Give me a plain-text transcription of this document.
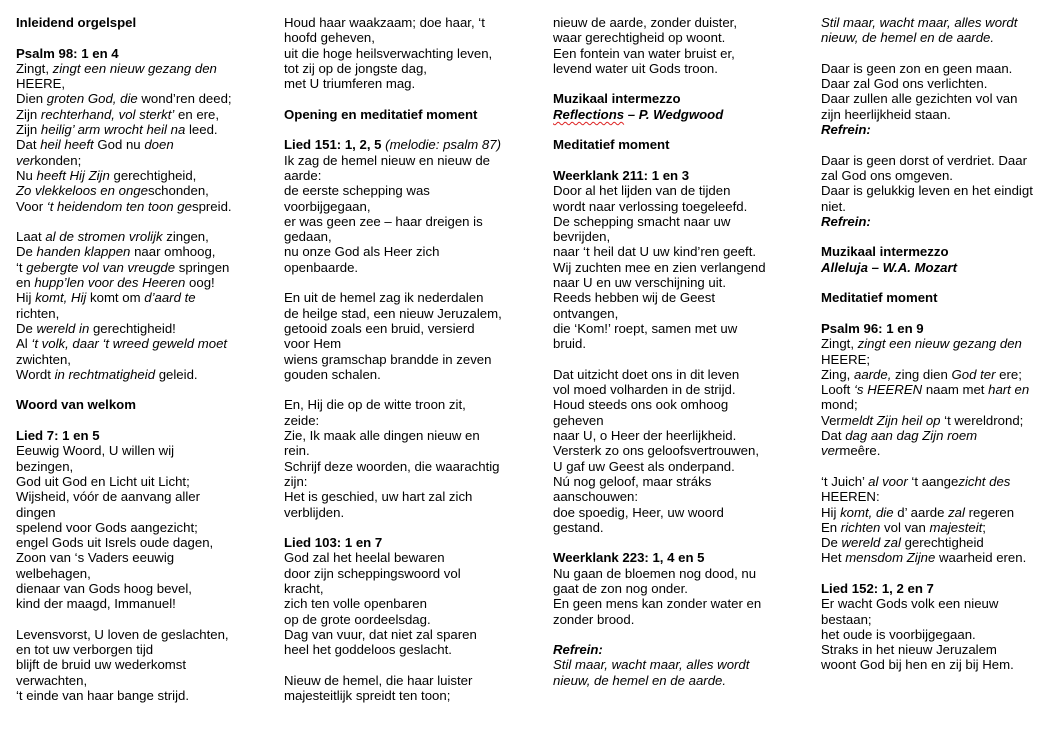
Inleidend orgelspel
Psalm 98: 1 en 4
Zingt, zingt een nieuw gezang den
HEERE,
Dien groten God, die wond’ren deed;
Zijn rechterhand, vol sterkt’ en ere,
Zijn heilig’ arm wrocht heil na leed.
Dat heil heeft God nu doen
verkonden;
Nu heeft Hij Zijn gerechtigheid,
Zo vlekkeloos en ongeschonden,
Voor ‘t heidendom ten toon gespreid.
Laat al de stromen vrolijk zingen,
De handen klappen naar omhoog,
‘t gebergte vol van vreugde springen
en hupp’len voor des Heeren oog!
Hij komt, Hij komt om d’aard te
richten,
De wereld in gerechtigheid!
Al ‘t volk, daar ‘t wreed geweld moet
zwichten,
Wordt in rechtmatigheid geleid.
Woord van welkom
Lied 7: 1 en 5
Eeuwig Woord, U willen wij
bezingen,
God uit God en Licht uit Licht;
Wijsheid, vóór de aanvang aller
dingen
spelend voor Gods aangezicht;
engel Gods uit Isrels oude dagen,
Zoon van ‘s Vaders eeuwig
welbehagen,
dienaar van Gods hoog bevel,
kind der maagd, Immanuel!
Levensvorst, U loven de geslachten,
en tot uw verborgen tijd
blijft de bruid uw wederkomst
verwachten,
‘t einde van haar bange strijd.
Houd haar waakzaam; doe haar, ‘t
hoofd geheven,
uit die hoge heilsverwachting leven,
tot zij op de jongste dag,
met U triumferen mag.
Opening en meditatief moment
Lied 151: 1, 2, 5 (melodie: psalm 87)
Ik zag de hemel nieuw en nieuw de
aarde:
de eerste schepping was
voorbijgegaan,
er was geen zee – haar dreigen is
gedaan,
nu onze God als Heer zich
openbaarde.
En uit de hemel zag ik nederdalen
de heilge stad, een nieuw Jeruzalem,
getooid zoals een bruid, versierd
voor Hem
wiens gramschap brandde in zeven
gouden schalen.
En, Hij die op de witte troon zit,
zeide:
Zie, Ik maak alle dingen nieuw en
rein.
Schrijf deze woorden, die waarachtig
zijn:
Het is geschied, uw hart zal zich
verblijden.
Lied 103: 1 en 7
God zal het heelal bewaren
door zijn scheppingswoord vol
kracht,
zich ten volle openbaren
op de grote oordeelsdag.
Dag van vuur, dat niet zal sparen
heel het goddeloos geslacht.
Nieuw de hemel, die haar luister
majesteitlijk spreidt ten toon;
nieuw de aarde, zonder duister,
waar gerechtigheid op woont.
Een fontein van water bruist er,
levend water uit Gods troon.
Muzikaal intermezzo
Reflections – P. Wedgwood
Meditatief moment
Weerklank 211: 1 en 3
Door al het lijden van de tijden
wordt naar verlossing toegeleefd.
De schepping smacht naar uw
bevrijden,
naar ‘t heil dat U uw kind’ren geeft.
Wij zuchten mee en zien verlangend
naar U en uw verschijning uit.
Reeds hebben wij de Geest
ontvangen,
die ‘Kom!’ roept, samen met uw
bruid.
Dat uitzicht doet ons in dit leven
vol moed volharden in de strijd.
Houd steeds ons ook omhoog
geheven
naar U, o Heer der heerlijkheid.
Versterk zo ons geloofsvertrouwen,
U gaf uw Geest als onderpand.
Nú nog geloof, maar stráks
aanschouwen:
doe spoedig, Heer, uw woord
gestand.
Weerklank 223: 1, 4 en 5
Nu gaan de bloemen nog dood, nu
gaat de zon nog onder.
En geen mens kan zonder water en
zonder brood.
Refrein:
Stil maar, wacht maar, alles wordt
nieuw, de hemel en de aarde.
Stil maar, wacht maar, alles wordt
nieuw, de hemel en de aarde.
Daar is geen zon en geen maan.
Daar zal God ons verlichten.
Daar zullen alle gezichten vol van
zijn heerlijkheid staan.
Refrein:
Daar is geen dorst of verdriet. Daar
zal God ons omgeven.
Daar is gelukkig leven en het eindigt
niet.
Refrein:
Muzikaal intermezzo
Alleluja – W.A. Mozart
Meditatief moment
Psalm 96: 1 en 9
Zingt, zingt een nieuw gezang den
HEERE;
Zing, aarde, zing dien God ter ere;
Looft ‘s HEEREN naam met hart en
mond;
Vermeldt Zijn heil op ‘t wereldrond;
Dat dag aan dag Zijn roem
vermeêre.
‘t Juich’ al voor ‘t aangezicht des
HEEREN:
Hij komt, die d’ aarde zal regeren
En richten vol van majesteit;
De wereld zal gerechtigheid
Het mensdom Zijne waarheid eren.
Lied 152: 1, 2 en 7
Er wacht Gods volk een nieuw
bestaan;
het oude is voorbijgegaan.
Straks in het nieuw Jeruzalem
woont God bij hen en zij bij Hem.
